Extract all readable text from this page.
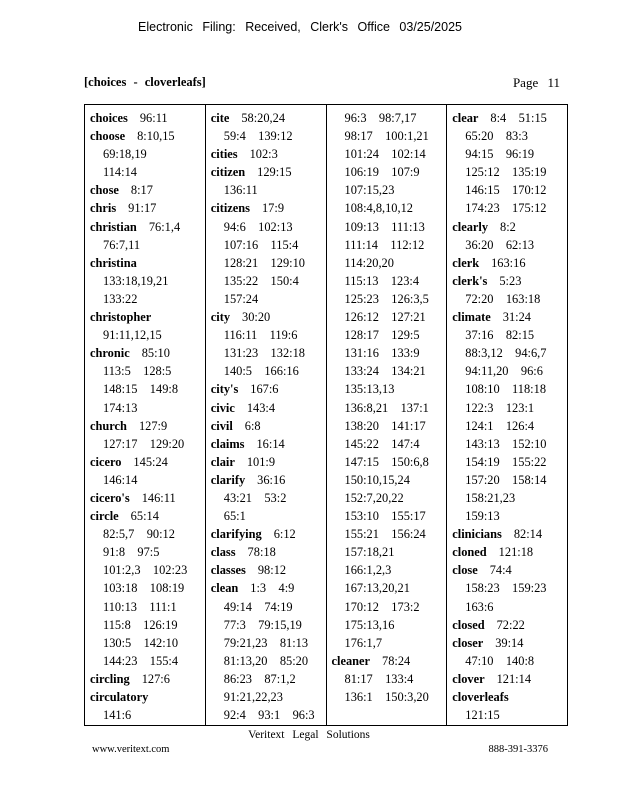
Electronic Filing: Received, Clerk's Office 03/25/2025
[choices - cloverleafs]	Page 11
choices 96:11
choose 8:10,15
69:18,19
114:14
chose 8:17
chris 91:17
christian 76:1,4
76:7,11
christina
133:18,19,21
133:22
christopher
91:11,12,15
chronic 85:10
113:5 128:5
148:15 149:8
174:13
church 127:9
127:17 129:20
cicero 145:24
146:14
cicero's 146:11
circle 65:14
82:5,7 90:12
91:8 97:5
101:2,3 102:23
103:18 108:19
110:13 111:1
115:8 126:19
130:5 142:10
144:23 155:4
circling 127:6
circulatory
141:6
cite 58:20,24
59:4 139:12
cities 102:3
citizen 129:15
136:11
citizens 17:9
94:6 102:13
107:16 115:4
128:21 129:10
135:22 150:4
157:24
city 30:20
116:11 119:6
131:23 132:18
140:5 166:16
city's 167:6
civic 143:4
civil 6:8
claims 16:14
clair 101:9
clarify 36:16
43:21 53:2
65:1
clarifying 6:12
class 78:18
classes 98:12
clean 1:3 4:9
49:14 74:19
77:3 79:15,19
79:21,23 81:13
81:13,20 85:20
86:23 87:1,2
91:21,22,23
92:4 93:1 96:3
96:3 98:7,17
98:17 100:1,21
101:24 102:14
106:19 107:9
107:15,23
108:4,8,10,12
109:13 111:13
111:14 112:12
114:20,20
115:13 123:4
125:23 126:3,5
126:12 127:21
128:17 129:5
131:16 133:9
133:24 134:21
135:13,13
136:8,21 137:1
138:20 141:17
145:22 147:4
147:15 150:6,8
150:10,15,24
152:7,20,22
153:10 155:17
155:21 156:24
157:18,21
166:1,2,3
167:13,20,21
170:12 173:2
175:13,16
176:1,7
cleaner 78:24
81:17 133:4
136:1 150:3,20
clear 8:4 51:15
65:20 83:3
94:15 96:19
125:12 135:19
146:15 170:12
174:23 175:12
clearly 8:2
36:20 62:13
clerk 163:16
clerk's 5:23
72:20 163:18
climate 31:24
37:16 82:15
88:3,12 94:6,7
94:11,20 96:6
108:10 118:18
122:3 123:1
124:1 126:4
143:13 152:10
154:19 155:22
157:20 158:14
158:21,23
159:13
clinicians 82:14
cloned 121:18
close 74:4
158:23 159:23
163:6
closed 72:22
closer 39:14
47:10 140:8
clover 121:14
cloverleafs
121:15
Veritext Legal Solutions
www.veritext.com	888-391-3376
